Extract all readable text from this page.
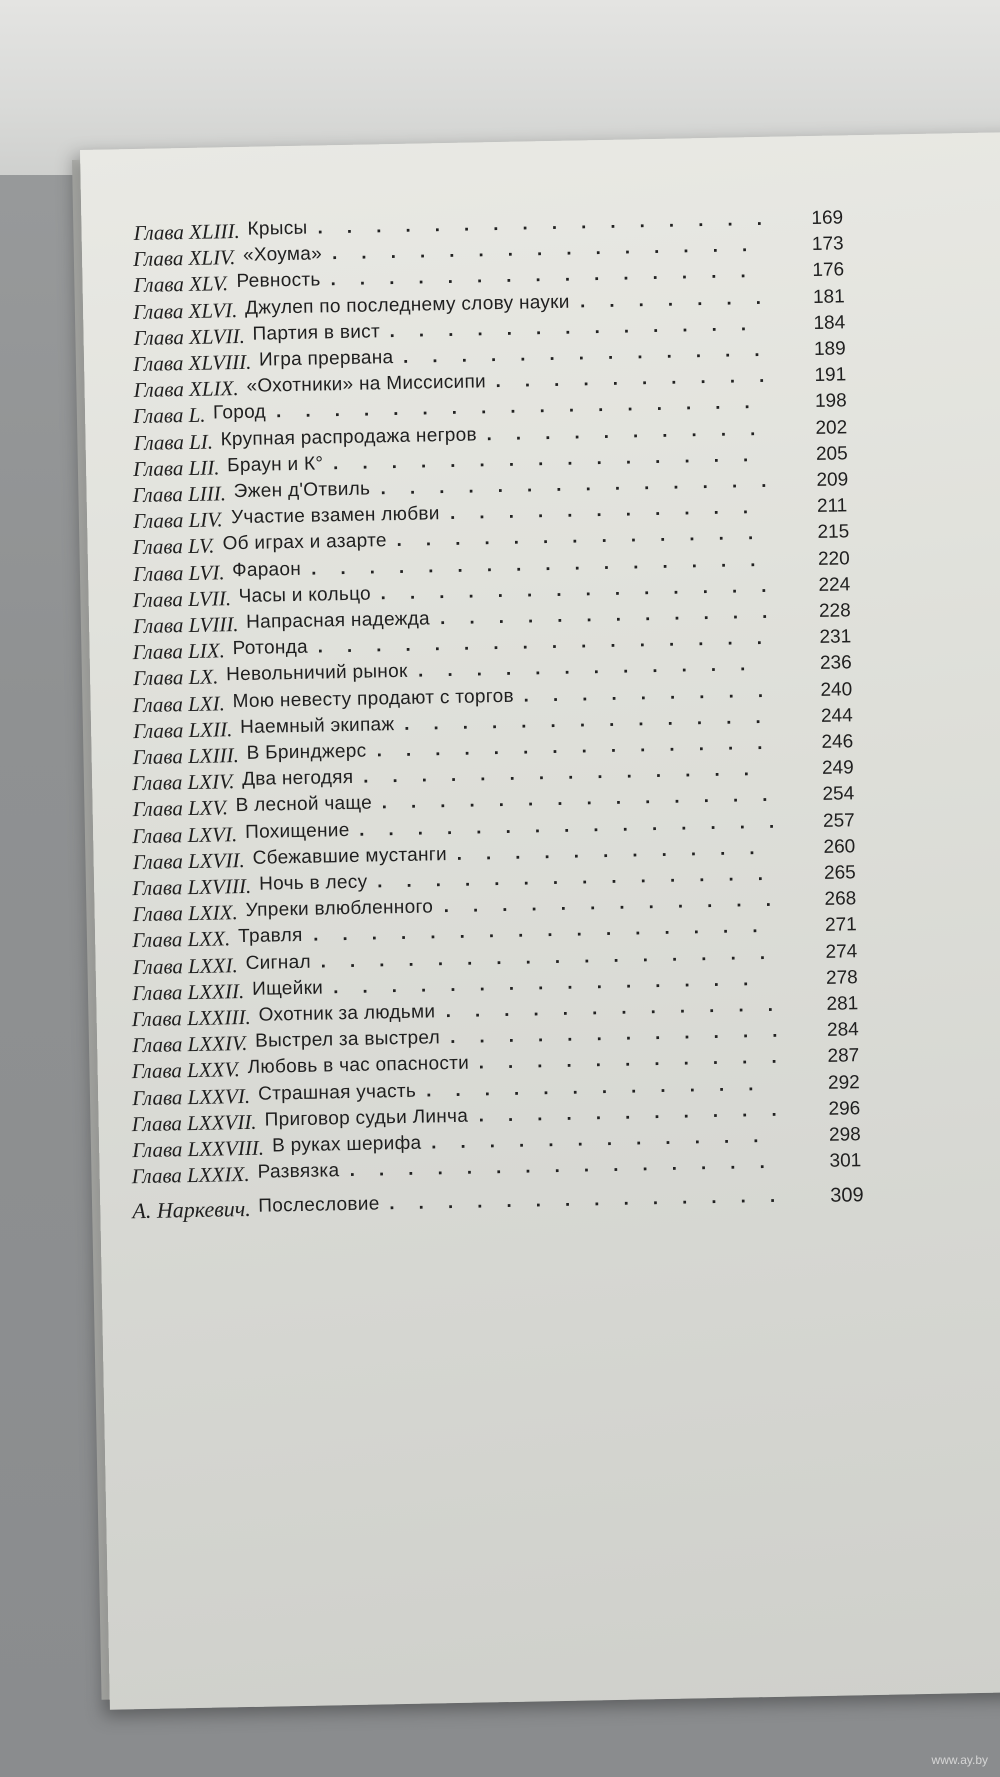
Глава XLIII. Крысы ................ 169
Глава XLIV. «Хоума» ............... 173
Глава XLV. Ревность ............... 176
Глава XLVI. Джулеп по последнему слову науки ....... 181
Глава XLVII. Партия в вист ............. 184
Глава XLVIII. Игра прервана ............. 189
Глава XLIX. «Охотники» на Миссисипи .......... 191
Глава L. Город ................. 198
Глава LI. Крупная распродажа негров .......... 202
Глава LII. Браун и К° ............... 205
Глава LIII. Эжен д'Отвиль .............. 209
Глава LIV. Участие взамен любви ........... 211
Глава LV. Об играх и азарте ............. 215
Глава LVI. Фараон ................ 220
Глава LVII. Часы и кольцо .............. 224
Глава LVIII. Напрасная надежда ............ 228
Глава LIX. Ротонда ................ 231
Глава LX. Невольничий рынок ............	236
Глава LXI. Мою невесту продают с торгов ......... 240
Глава LXII. Наемный экипаж ............. 244
Глава LXIII. В Бринджерс .............. 246
Глава LXIV. Два негодяя ..............	249
Глава LXV. В лесной чаще .............. 254
Глава LXVI. Похищение ............... 257
Глава LXVII. Сбежавшие мустанги ........... 260
Глава LXVIII. Ночь в лесу .............. 265
Глава LXIX. Упреки влюбленного ............ 268
Глава LXX. Травля ................ 271
Глава LXXI. Сигнал ................ 274
Глава LXXII. Ищейки ...............	278
Глава LXXIII. Охотник за людьми ............ 281
Глава LXXIV. Выстрел за выстрел ............ 284
Глава LXXV. Любовь в час опасности ........... 287
Глава LXXVI. Страшная участь ............	292
Глава LXXVII. Приговор судьи Линча ........... 296
Глава LXXVIII. В руках шерифа ............ 298
Глава LXXIX. Развязка ............... 301
А. Наркевич. Послесловие .............. 309
www.ay.by
